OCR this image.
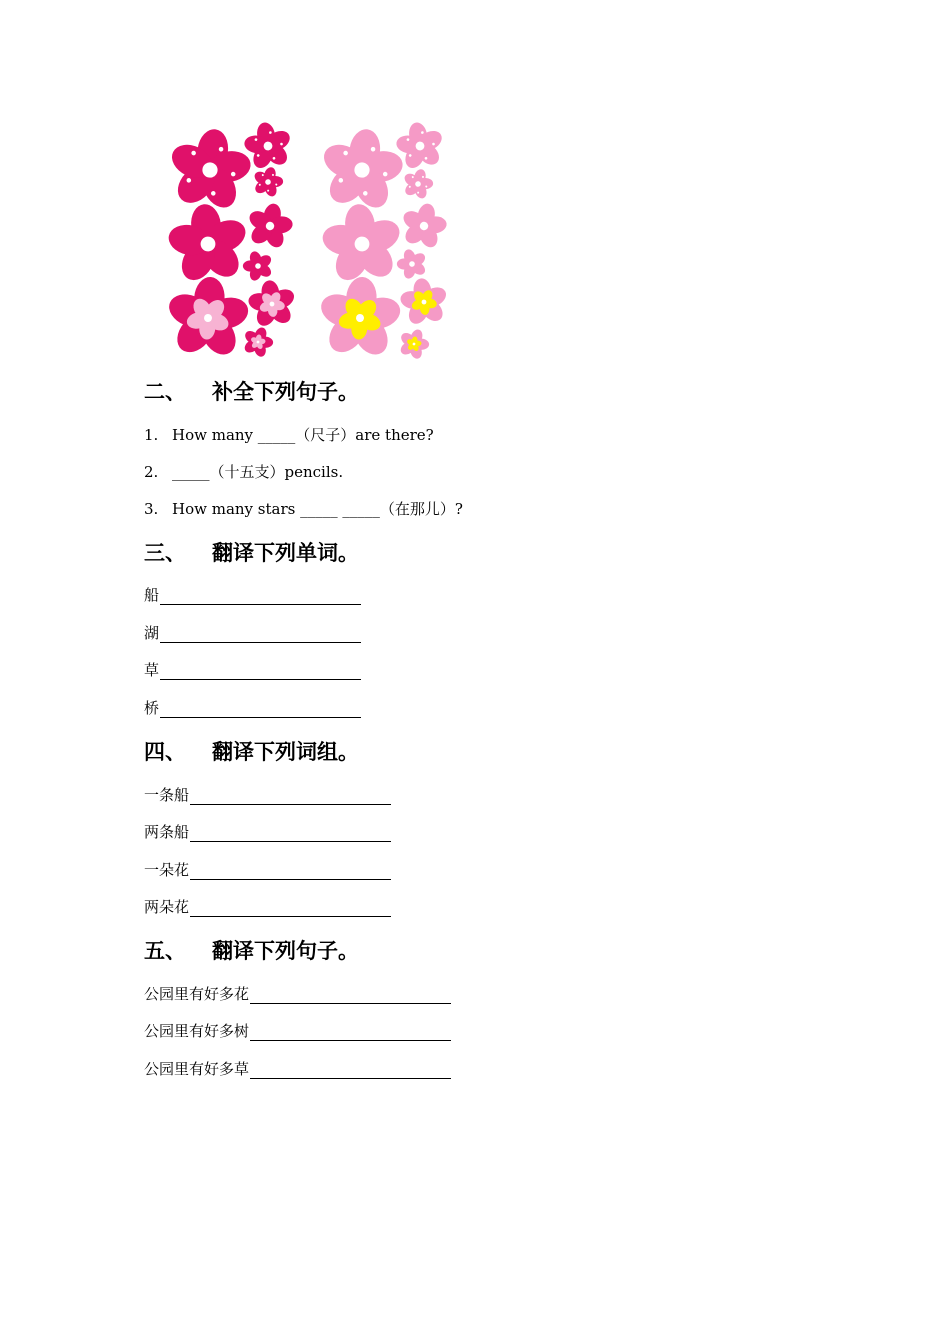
二、 补全下列句子。
1. How many _____（尺子）are there?
2. _____（十五支）pencils.
3. How many stars _____ _____（在那儿）?
三、 翻译下列单词。
船
湖
草
桥
四、 翻译下列词组。
一条船
两条船
一朵花
两朵花
五、 翻译下列句子。
公园里有好多花
公园里有好多树
公园里有好多草
